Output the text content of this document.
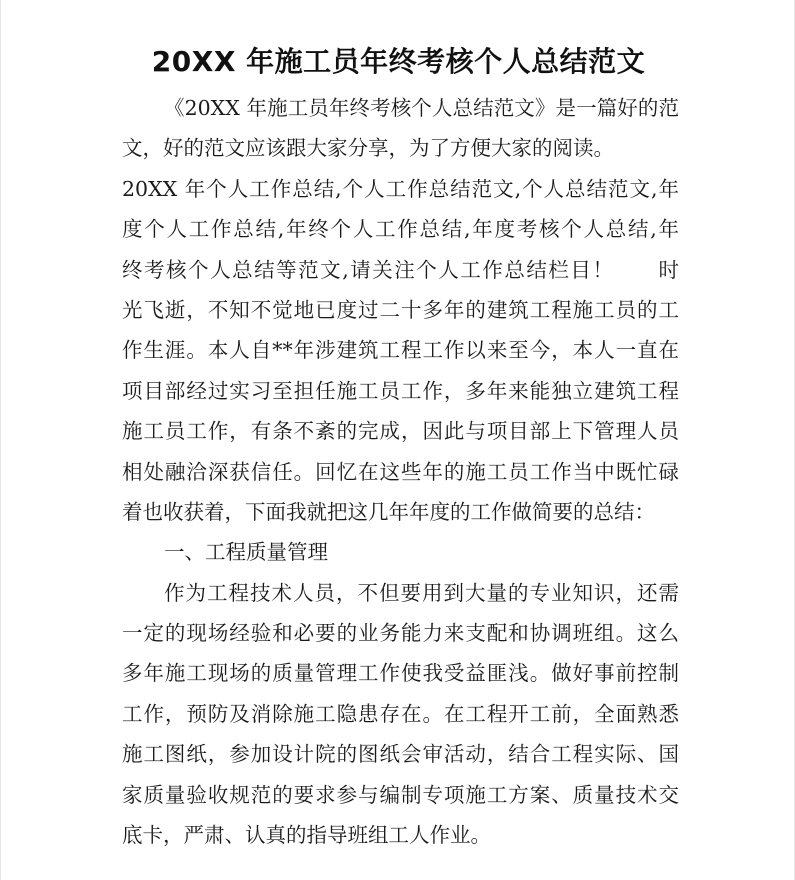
20XX 年施工员年终考核个人总结范文
《20XX 年施工员年终考核个人总结范文》是一篇好的范
文，好的范文应该跟大家分享，为了方便大家的阅读。
20XX 年个人工作总结,个人工作总结范文,个人总结范文,年
度个人工作总结,年终个人工作总结,年度考核个人总结,年
终考核个人总结等范文,请关注个人工作总结栏目！　　时
光飞逝，不知不觉地已度过二十多年的建筑工程施工员的工
作生涯。本人自**年涉建筑工程工作以来至今，本人一直在
项目部经过实习至担任施工员工作，多年来能独立建筑工程
施工员工作，有条不紊的完成，因此与项目部上下管理人员
相处融洽深获信任。回忆在这些年的施工员工作当中既忙碌
着也收获着，下面我就把这几年年度的工作做简要的总结：
一、工程质量管理
作为工程技术人员，不但要用到大量的专业知识，还需
一定的现场经验和必要的业务能力来支配和协调班组。这么
多年施工现场的质量管理工作使我受益匪浅。做好事前控制
工作，预防及消除施工隐患存在。在工程开工前，全面熟悉
施工图纸，参加设计院的图纸会审活动，结合工程实际、国
家质量验收规范的要求参与编制专项施工方案、质量技术交
底卡，严肃、认真的指导班组工人作业。
